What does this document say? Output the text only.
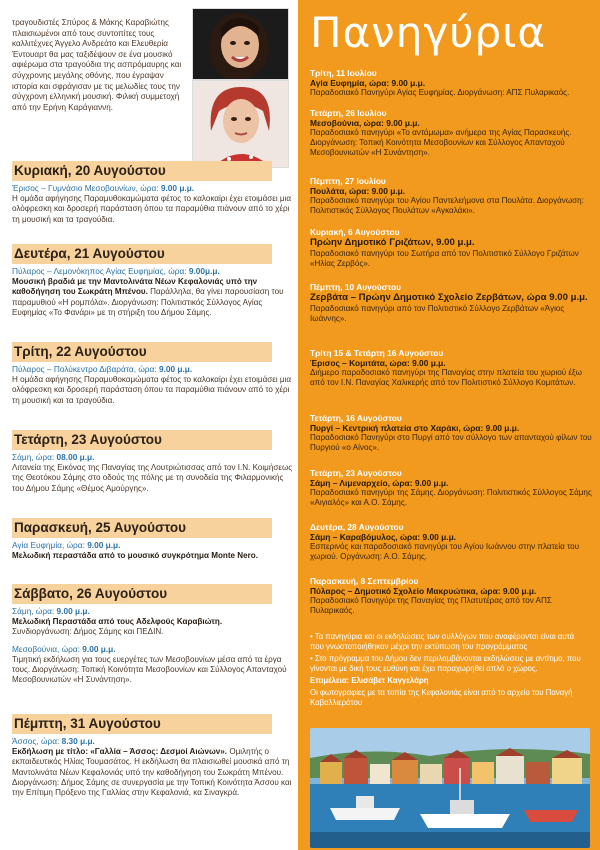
τραγουδιστές Σπύρος & Μάκης Καραβιώτης πλαισιωμένοι από τους συντοπίτες τους καλλιτέχνες Άγγελο Ανδρεάτο και Ελευθερία Έντουαρτ θα μας ταξιδέψουν σε ένα μουσικό αφιέρωμα στα τραγούδια της ασπρόμαυρης και σύγχρονης μεγάλης οθόνης, που έγραψαν ιστορία και σφράγισαν με τις μελωδίες τους την σύγχρονη ελληνική μουσική. Φιλική συμμετοχή από την Ερήνη Καράγιαννη.

Κυριακή, 20 Αυγούστου
Έρισος – Γυμνάσιο Μεσοβουνίων, ώρα: 9.00 μ.μ.

Η ομάδα αφήγησης Παραμυθοκαμώματα φέτος το καλοκαίρι έχει ετοιμάσει μια ολόφρεσκη και δροσερή παράσταση όπου τα παραμύθια πιάνουν από το χέρι τη μουσική και τα τραγούδια.

Δευτέρα, 21 Αυγούστου
Πύλαρος – Λεμονόκηπος Αγίας Ευφημίας, ώρα: 9.00μ.μ.

Μουσική βραδιά με την Μαντολινάτα Νέων Κεφαλονιάς υπό την καθοδήγηση του Σωκράτη Μπένου. Παράλληλα, θα γίνει παρουσίαση του παραμυθιού «Η ρομπόλα». Διοργάνωση: Πολιτιστικός Σύλλογος Αγίας Ευφημίας «Το Φανάρι» με τη στήριξη του Δήμου Σάμης.

Τρίτη, 22 Αυγούστου
Πύλαρος – Πολύκεντρο Διβαράτα, ώρα: 9.00 μ.μ.

Η ομάδα αφήγησης Παραμυθοκαμώματα φέτος το καλοκαίρι έχει ετοιμάσει μια ολόφρεσκη και δροσερή παράσταση όπου τα παραμύθια πιάνουν από το χέρι τη μουσική και τα τραγούδια.

Τετάρτη, 23 Αυγούστου
Σάμη, ώρα: 08.00 μ.μ.

Λιτανεία της Εικόνας της Παναγίας της Λουτριώτισσας από τον Ι.Ν. Κοιμήσεως της Θεοτόκου Σάμης στο οδούς της πόλης με τη συνοδεία της Φιλαρμονικής του Δήμου Σάμης «Θέμος Αμούργης».

Παρασκευή, 25 Αυγούστου
Αγία Ευφημία, ώρα: 9.00 μ.μ.

Μελωδική περαστάδα από το μουσικό συγκρότημα Monte Nero.

Σάββατο, 26 Αυγούστου
Σάμη, ώρα: 9.00 μ.μ.

Μελωδική Περαστάδα από τους Αδελφούς Καραβιώτη.

Συνδιοργάνωση: Δήμος Σάμης και ΠΕΔΙΝ.

Μεσοβούνια, ώρα: 9.00 μ.μ.

Τιμητική εκδήλωση για τους ευεργέτες των Μεσοβουνίων μέσα από τα έργα τους. Διοργάνωση: Τοπική Κοινότητα Μεσοβουνίων και Σύλλογος Απανταχού Μεσοβουνιωτών «Η Συνάντηση».

Πέμπτη, 31 Αυγούστου
Άσσος, ώρα: 8.30 μ.μ.

Εκδήλωση με τίτλο: «Γαλλία – Άσσος: Δεσμοί Αιώνων». Ομιλητής ο εκπαιδευτικός Ηλίας Τουμασάτος. Η εκδήλωση θα πλαισιωθεί μουσικά από τη Μαντολινάτα Νέων Κεφαλονιάς υπό την καθοδήγηση του Σωκράτη Μπένου. Διοργάνωση: Δήμος Σάμης σε συνεργασία με την Τοπική Κοινότητα Άσσου και την Επίτιμη Πρόξενο της Γαλλίας στην Κεφαλονιά, κα Σιναγκρά.

Πανηγύρια
Τρίτη, 11 Ιουλίου
Αγία Ευφημία, ώρα: 9.00 μ.μ.
Παραδοσιακό Πανηγύρι Αγίας Ευφημίας. Διοργάνωση: ΑΠΣ Πυλαρικαός.
Τετάρτη, 26 Ιουλίου
Μεσοβούνια, ώρα: 9.00 μ.μ.
Παραδοσιακό πανηγύρι «Το αντάμωμα» ανήμερα της Αγίας Παρασκευής. Διοργάνωση: Τοπική Κοινότητα Μεσοβουνίων και Σύλλογος Απανταχού Μεσοβουνιωτών «Η Συνάντηση».
Πέμπτη, 27 Ιουλίου
Πουλάτα, ώρα: 9.00 μ.μ.
Παραδοσιακό πανηγύρι του Αγίου Παντελεήμονα στα Πουλάτα. Διοργάνωση: Πολιτιστικός Σύλλογος Πουλάτων «Αγκαλάκι».
Κυριακή, 6 Αυγούστου
Πρώην Δημοτικό Γριζάτων, 9.00 μ.μ.
Παραδοσιακό πανηγύρι του Σωτήρα από τον Πολιτιστικό Σύλλογο Γριζάτων «Ηλίας Ζερβός».
Πέμπτη, 10 Αυγούστου
Ζερβάτα – Πρώην Δημοτικό Σχολείο Ζερβάτων, ώρα 9.00 μ.μ.
Παραδοσιακό πανηγύρι από τον Πολιτιστικό Σύλλογο Ζερβάτων «Άγιος Ιωάννης».
Τρίτη 15 & Τετάρτη 16 Αυγούστου
Έρισος – Κομιτάτα, ώρα: 9.00 μ.μ.
Διήμερο παραδοσιακό πανηγύρι της Παναγίας στην πλατεία του χωριού έξω από τον Ι.Ν. Παναγίας Χαλικερής από τον Πολιτιστικό Σύλλογο Κομιτάτων.
Τετάρτη, 16 Αυγούστου
Πυργί – Κεντρική πλατεία στο Χαράκι, ώρα: 9.00 μ.μ.
Παραδοσιακό Πανηγύρι στο Πυργί από τον σύλλογο των απανταχού φίλων του Πυργιού «ο Αίνος».
Τετάρτη, 23 Αυγούστου
Σάμη – Λιμεναρχείο, ώρα: 9.00 μ.μ.
Παραδοσιακό πανηγύρι της Σάμης. Διοργάνωση: Πολιτιστικός Σύλλογος Σάμης «Αιγιαλός» και Α.Ο. Σάμης.
Δευτέρα, 28 Αυγούστου
Σάμη – Καραβόμυλος, ώρα: 9.00 μ.μ.
Εσπερινός και παραδοσιακό πανηγύρι του Αγίου Ιωάννου στην πλατεία του χωριού. Οργάνωση: Α.Ο. Σάμης.
Παρασκευή, 8 Σεπτεμβρίου
Πύλαρος – Δημοτικό Σχολείο Μακρυώτικα, ώρα: 9.00 μ.μ.
Παραδοσιακό Πανηγύρι της Παναγίας της Πλατυτέρας από τον ΑΠΣ Πυλαρικαός.
• Τα πανηγύρια και οι εκδηλώσεις των συλλόγων που αναφέρονται είναι αυτά που γνωστοποιήθηκαν μέχρι την εκτύπωση του προγράμματος
• Στο πρόγραμμα του Δήμου δεν περιλαμβάνονται εκδηλώσεις με αντίτιμο, που γίνονται με δική τους ευθύνη και έχει παραχωρηθεί απλά ο χώρος.
Επιμέλεια: Ελισάβετ Καγγελάρη
Οι φωτογραφίες με τα τοπία της Κεφαλονιάς είναι από το αρχείο του Παναγή Καβαλλιεράτου
